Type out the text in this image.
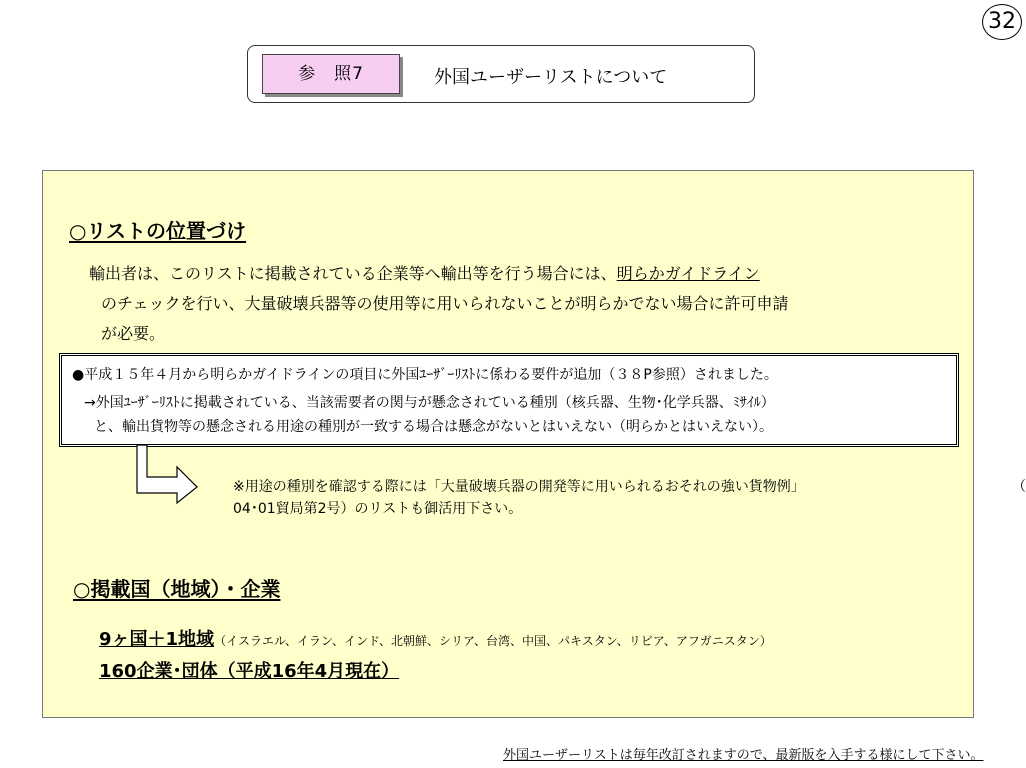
32
参　照7	外国ユーザーリストについて
○リストの位置づけ
輸出者は、このリストに掲載されている企業等へ輸出等を行う場合には、明らかガイドライン
のチェックを行い、大量破壊兵器等の使用等に用いられないことが明らかでない場合に許可申請
が必要。
●平成１５年４月から明らかガイドラインの項目に外国ﾕｰｻﾞｰﾘｽﾄに係わる要件が追加（３８P参照）されました。
→外国ﾕｰｻﾞｰﾘｽﾄに掲載されている、当該需要者の関与が懸念されている種別（核兵器、生物･化学兵器、ﾐｻｲﾙ）
と、輸出貨物等の懸念される用途の種別が一致する場合は懸念がないとはいえない（明らかとはいえない）。
※用途の種別を確認する際には「大量破壊兵器の開発等に用いられるおそれの強い貨物例」
04･01貿局第2号）のリストも御活用下さい。
○掲載国（地域）・企業
9ヶ国＋1地域（イスラエル、イラン、インド、北朝鮮、シリア、台湾、中国、パキスタン、リビア、アフガニスタン）
160企業･団体（平成16年4月現在）
（
外国ユーザーリストは毎年改訂されますので、最新版を入手する様にして下さい。
